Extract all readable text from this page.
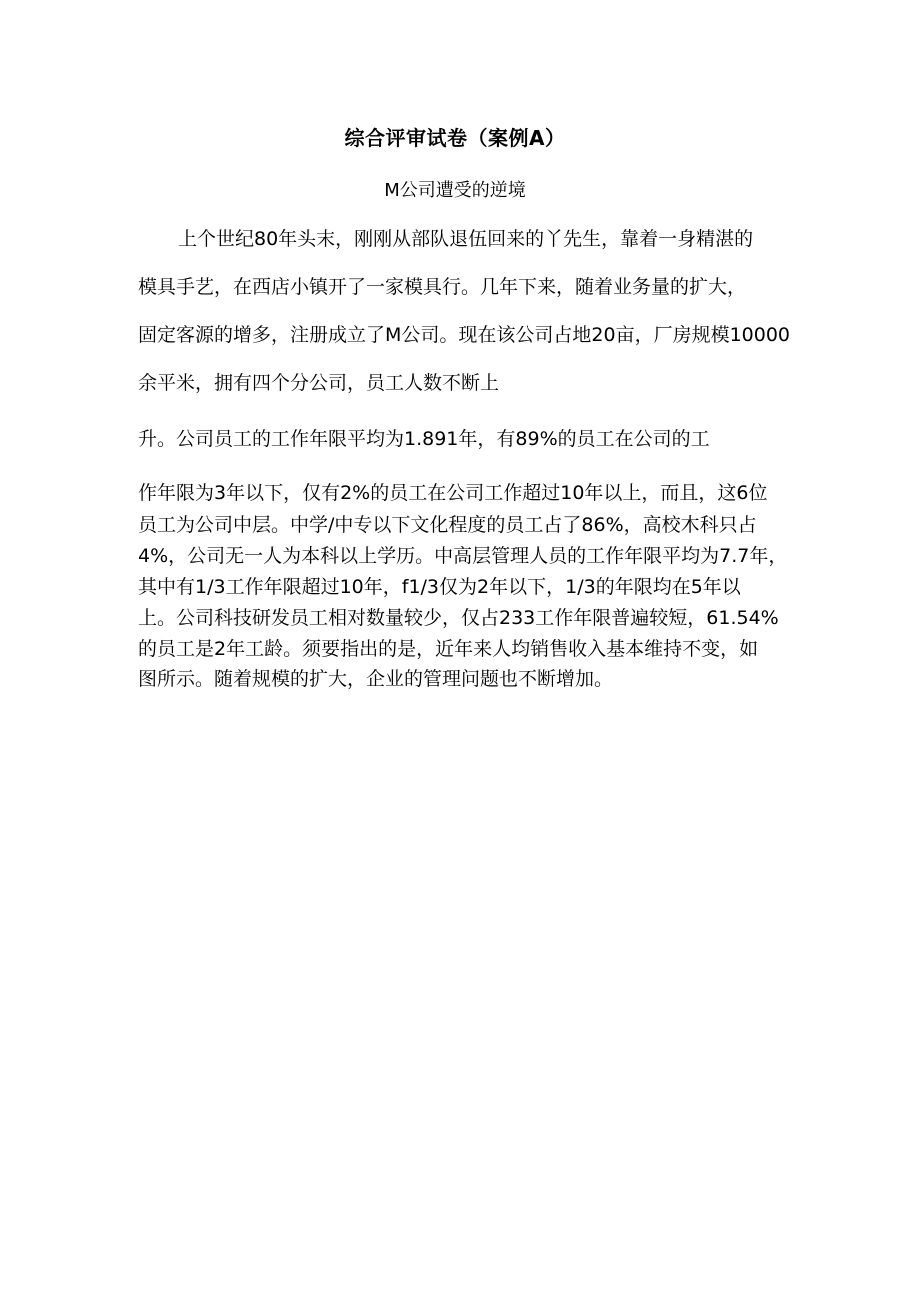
综合评审试卷（案例A）
M公司遭受的逆境
上个世纪80年头末，刚刚从部队退伍回来的丫先生，靠着一身精湛的
模具手艺，在西店小镇开了一家模具行。几年下来，随着业务量的扩大，
固定客源的增多，注册成立了M公司。现在该公司占地20亩，厂房规模10000
余平米，拥有四个分公司，员工人数不断上
升。公司员工的工作年限平均为1.891年，有89%的员工在公司的工
作年限为3年以下，仅有2%的员工在公司工作超过10年以上，而且，这6位
员工为公司中层。中学/中专以下文化程度的员工占了86%，高校木科只占
4%，公司无一人为本科以上学历。中高层管理人员的工作年限平均为7.7年，
其中有1/3工作年限超过10年，f1/3仅为2年以下，1/3的年限均在5年以
上。公司科技研发员工相对数量较少，仅占233工作年限普遍较短，61.54%
的员工是2年工龄。须要指出的是，近年来人均销售收入基本维持不变，如
图所示。随着规模的扩大，企业的管理问题也不断增加。
